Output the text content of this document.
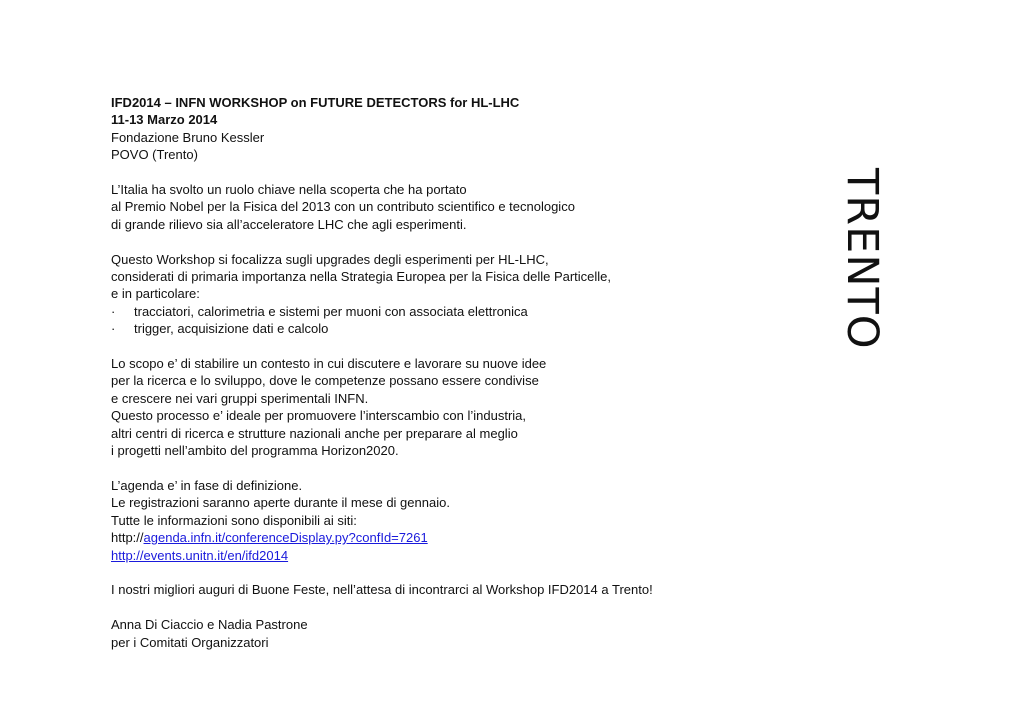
IFD2014 – INFN WORKSHOP on FUTURE DETECTORS for HL-LHC
11-13 Marzo 2014
Fondazione Bruno Kessler
POVO (Trento)

L’Italia ha svolto un ruolo chiave nella scoperta che ha portato
al Premio Nobel per la Fisica del 2013 con un contributo scientifico e tecnologico
di grande rilievo sia all’acceleratore LHC che agli esperimenti.

Questo Workshop si focalizza sugli upgrades degli esperimenti per HL-LHC,
considerati di primaria importanza nella Strategia Europea per la Fisica delle Particelle,
e in particolare:
· tracciatori, calorimetria e sistemi per muoni con associata elettronica
· trigger, acquisizione dati e calcolo

Lo scopo e’ di stabilire un contesto in cui discutere e lavorare su nuove idee
per la ricerca e lo sviluppo, dove le competenze possano essere condivise
e crescere nei vari gruppi sperimentali INFN.
Questo processo e’ ideale per promuovere l’interscambio con l’industria,
altri centri di ricerca e strutture nazionali anche per preparare al meglio
i progetti nell’ambito del programma Horizon2020.

L’agenda e’ in fase di definizione.
Le registrazioni saranno aperte durante il mese di gennaio.
Tutte le informazioni sono disponibili ai siti:
http://agenda.infn.it/conferenceDisplay.py?confId=7261
http://events.unitn.it/en/ifd2014

I nostri migliori auguri di Buone Feste, nell’attesa di incontrarci al Workshop IFD2014 a Trento!

Anna Di Ciaccio e Nadia Pastrone
per i Comitati Organizzatori

TRENTO
